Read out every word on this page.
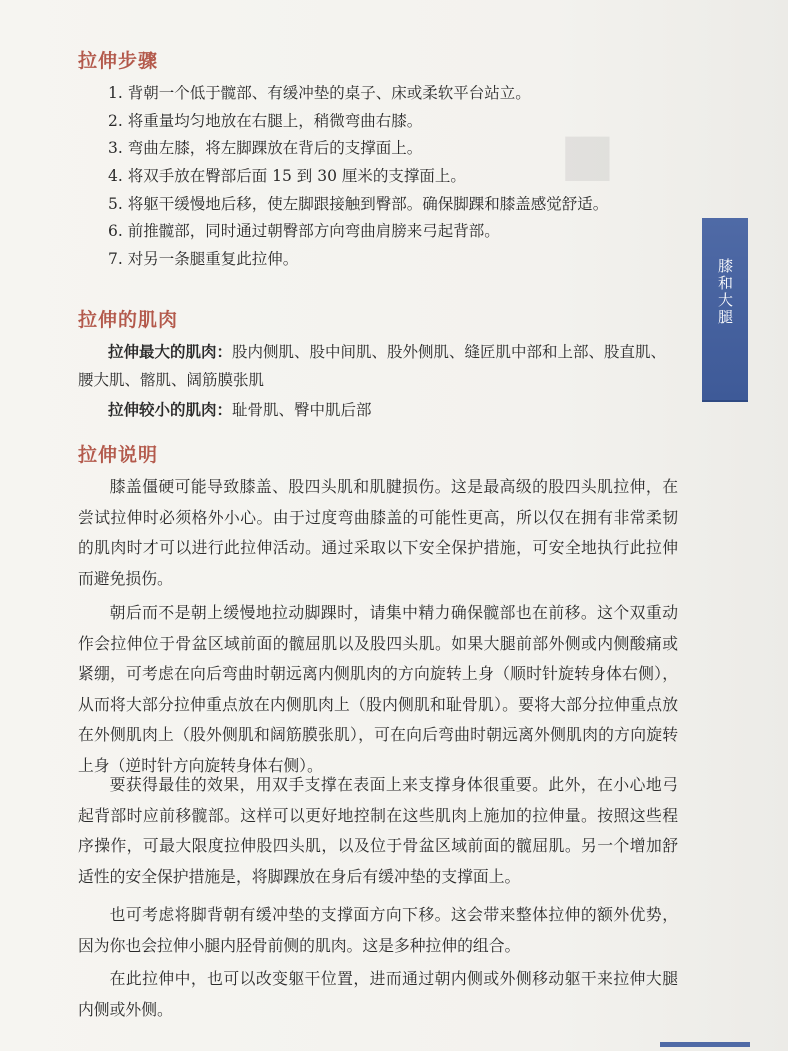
■
拉伸步骤
1. 背朝一个低于髋部、有缓冲垫的桌子、床或柔软平台站立。
2. 将重量均匀地放在右腿上，稍微弯曲右膝。
3. 弯曲左膝，将左脚踝放在背后的支撑面上。
4. 将双手放在臀部后面 15 到 30 厘米的支撑面上。
5. 将躯干缓慢地后移，使左脚跟接触到臀部。确保脚踝和膝盖感觉舒适。
6. 前推髋部，同时通过朝臀部方向弯曲肩膀来弓起背部。
7. 对另一条腿重复此拉伸。
拉伸的肌肉
拉伸最大的肌肉：股内侧肌、股中间肌、股外侧肌、缝匠肌中部和上部、股直肌、腰大肌、髂肌、阔筋膜张肌
拉伸较小的肌肉：耻骨肌、臀中肌后部
拉伸说明

膝盖僵硬可能导致膝盖、股四头肌和肌腱损伤。这是最高级的股四头肌拉伸，在尝试拉伸时必须格外小心。由于过度弯曲膝盖的可能性更高，所以仅在拥有非常柔韧的肌肉时才可以进行此拉伸活动。通过采取以下安全保护措施，可安全地执行此拉伸而避免损伤。

朝后而不是朝上缓慢地拉动脚踝时，请集中精力确保髋部也在前移。这个双重动作会拉伸位于骨盆区域前面的髋屈肌以及股四头肌。如果大腿前部外侧或内侧酸痛或紧绷，可考虑在向后弯曲时朝远离内侧肌肉的方向旋转上身（顺时针旋转身体右侧），从而将大部分拉伸重点放在内侧肌肉上（股内侧肌和耻骨肌）。要将大部分拉伸重点放在外侧肌肉上（股外侧肌和阔筋膜张肌），可在向后弯曲时朝远离外侧肌肉的方向旋转上身（逆时针方向旋转身体右侧）。

要获得最佳的效果，用双手支撑在表面上来支撑身体很重要。此外，在小心地弓起背部时应前移髋部。这样可以更好地控制在这些肌肉上施加的拉伸量。按照这些程序操作，可最大限度拉伸股四头肌，以及位于骨盆区域前面的髋屈肌。另一个增加舒适性的安全保护措施是，将脚踝放在身后有缓冲垫的支撑面上。

也可考虑将脚背朝有缓冲垫的支撑面方向下移。这会带来整体拉伸的额外优势，因为你也会拉伸小腿内胫骨前侧的肌肉。这是多种拉伸的组合。

在此拉伸中，也可以改变躯干位置，进而通过朝内侧或外侧移动躯干来拉伸大腿内侧或外侧。

膝和大腿
